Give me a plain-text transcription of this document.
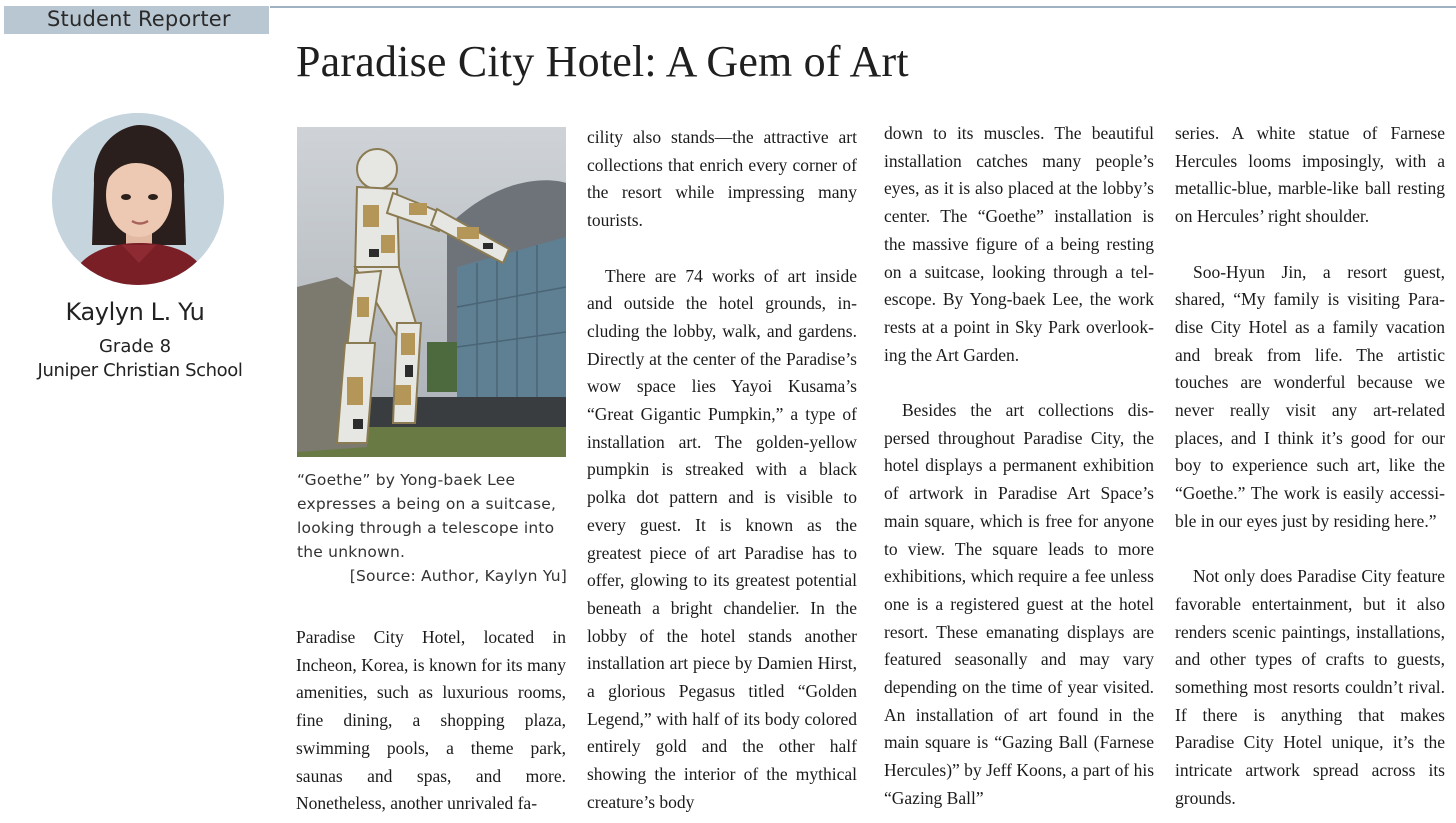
Student Reporter
Paradise City Hotel: A Gem of Art
Kaylyn L. Yu
Grade 8
Juniper Christian School
“Goethe” by Yong-baek Lee expresses a being on a suitcase, looking through a telescope into the unknown.
[Source: Author, Kaylyn Yu]

Paradise City Hotel, located in Incheon, Korea, is known for its many amenities, such as luxurious rooms, fine dining, a shopping plaza, swimming pools, a theme park, saunas and spas, and more. Nonetheless, another unrivaled fa-

cility also stands—the attractive art collections that enrich every corner of the resort while impressing many tourists.

There are 74 works of art inside and outside the hotel grounds, including the lobby, walk, and gardens. Directly at the center of the Paradise’s wow space lies Yayoi Kusama’s “Great Gigantic Pumpkin,” a type of installation art. The golden-yellow pumpkin is streaked with a black polka dot pattern and is visible to every guest. It is known as the greatest piece of art Paradise has to offer, glowing to its greatest potential beneath a bright chandelier. In the lobby of the hotel stands another installation art piece by Damien Hirst, a glorious Pegasus titled “Golden Legend,” with half of its body colored entirely gold and the other half showing the interior of the mythical creature’s body

down to its muscles. The beautiful installation catches many people’s eyes, as it is also placed at the lobby’s center. The “Goethe” installation is the massive figure of a being resting on a suitcase, looking through a telescope. By Yong-baek Lee, the work rests at a point in Sky Park overlooking the Art Garden.

Besides the art collections dispersed throughout Paradise City, the hotel displays a permanent exhibition of artwork in Paradise Art Space’s main square, which is free for anyone to view. The square leads to more exhibitions, which require a fee unless one is a registered guest at the hotel resort. These emanating displays are featured seasonally and may vary depending on the time of year visited. An installation of art found in the main square is “Gazing Ball (Farnese Hercules)” by Jeff Koons, a part of his “Gazing Ball”

series. A white statue of Farnese Hercules looms imposingly, with a metallic-blue, marble-like ball resting on Hercules’ right shoulder.

Soo-Hyun Jin, a resort guest, shared, “My family is visiting Paradise City Hotel as a family vacation and break from life. The artistic touches are wonderful because we never really visit any art-related places, and I think it’s good for our boy to experience such art, like the “Goethe.” The work is easily accessible in our eyes just by residing here.”

Not only does Paradise City feature favorable entertainment, but it also renders scenic paintings, installations, and other types of crafts to guests, something most resorts couldn’t rival. If there is anything that makes Paradise City Hotel unique, it’s the intricate artwork spread across its grounds.
